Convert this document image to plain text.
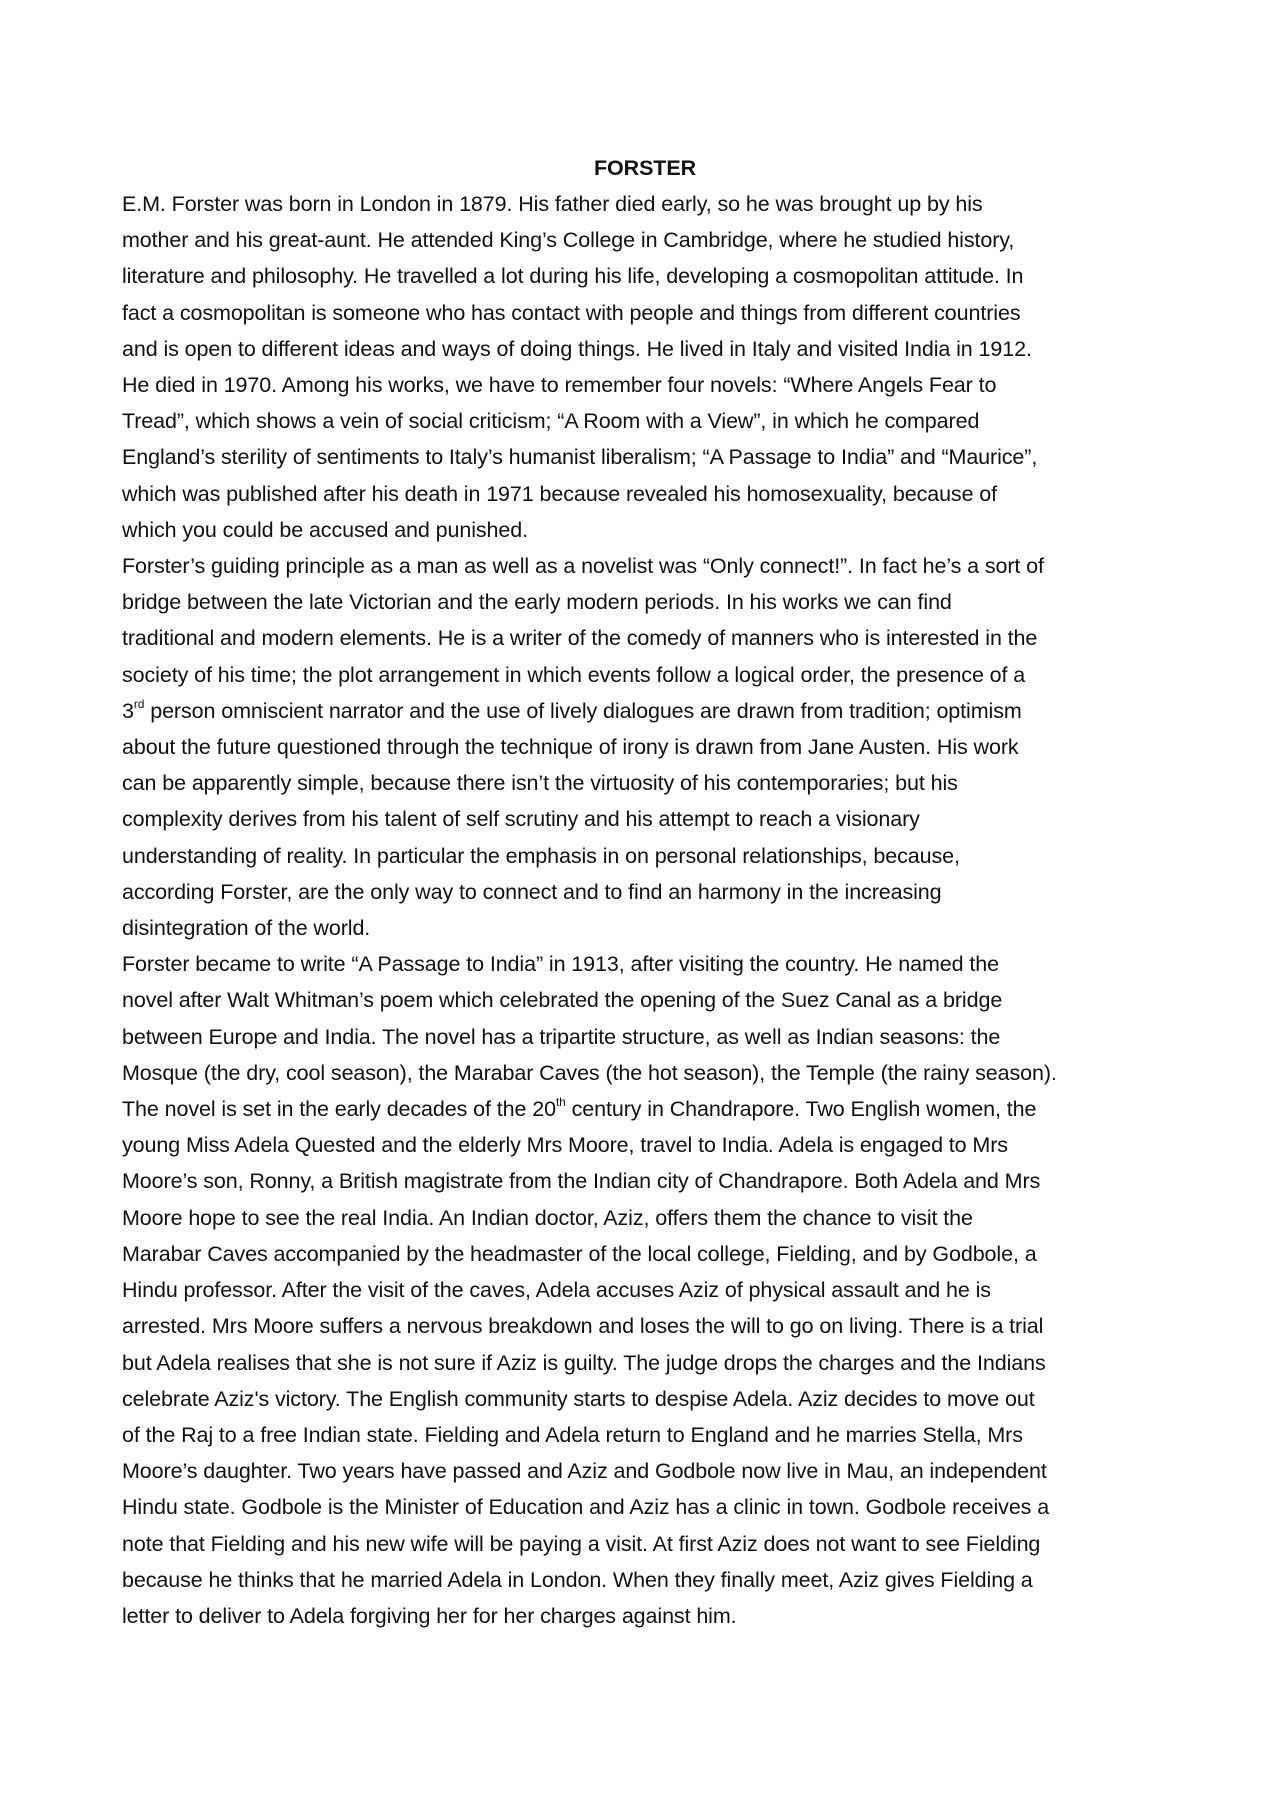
FORSTER

E.M. Forster was born in London in 1879. His father died early, so he was brought up by his
mother and his great-aunt. He attended King’s College in Cambridge, where he studied history,
literature and philosophy. He travelled a lot during his life, developing a cosmopolitan attitude. In
fact a cosmopolitan is someone who has contact with people and things from different countries
and is open to different ideas and ways of doing things. He lived in Italy and visited India in 1912.
He died in 1970. Among his works, we have to remember four novels: “Where Angels Fear to
Tread”, which shows a vein of social criticism; “A Room with a View”, in which he compared
England’s sterility of sentiments to Italy’s humanist liberalism; “A Passage to India” and “Maurice”,
which was published after his death in 1971 because revealed his homosexuality, because of
which you could be accused and punished.

Forster’s guiding principle as a man as well as a novelist was “Only connect!”. In fact he’s a sort of
bridge between the late Victorian and the early modern periods. In his works we can find
traditional and modern elements. He is a writer of the comedy of manners who is interested in the
society of his time; the plot arrangement in which events follow a logical order, the presence of a
3rd person omniscient narrator and the use of lively dialogues are drawn from tradition; optimism
about the future questioned through the technique of irony is drawn from Jane Austen. His work
can be apparently simple, because there isn’t the virtuosity of his contemporaries; but his
complexity derives from his talent of self scrutiny and his attempt to reach a visionary
understanding of reality. In particular the emphasis in on personal relationships, because,
according Forster, are the only way to connect and to find an harmony in the increasing
disintegration of the world.

Forster became to write “A Passage to India” in 1913, after visiting the country. He named the
novel after Walt Whitman’s poem which celebrated the opening of the Suez Canal as a bridge
between Europe and India. The novel has a tripartite structure, as well as Indian seasons: the
Mosque (the dry, cool season), the Marabar Caves (the hot season), the Temple (the rainy season).
The novel is set in the early decades of the 20th century in Chandrapore. Two English women, the
young Miss Adela Quested and the elderly Mrs Moore, travel to India. Adela is engaged to Mrs
Moore’s son, Ronny, a British magistrate from the Indian city of Chandrapore. Both Adela and Mrs
Moore hope to see the real India. An Indian doctor, Aziz, offers them the chance to visit the
Marabar Caves accompanied by the headmaster of the local college, Fielding, and by Godbole, a
Hindu professor. After the visit of the caves, Adela accuses Aziz of physical assault and he is
arrested. Mrs Moore suffers a nervous breakdown and loses the will to go on living. There is a trial
but Adela realises that she is not sure if Aziz is guilty. The judge drops the charges and the Indians
celebrate Aziz's victory. The English community starts to despise Adela. Aziz decides to move out
of the Raj to a free Indian state. Fielding and Adela return to England and he marries Stella, Mrs
Moore’s daughter. Two years have passed and Aziz and Godbole now live in Mau, an independent
Hindu state. Godbole is the Minister of Education and Aziz has a clinic in town. Godbole receives a
note that Fielding and his new wife will be paying a visit. At first Aziz does not want to see Fielding
because he thinks that he married Adela in London. When they finally meet, Aziz gives Fielding a
letter to deliver to Adela forgiving her for her charges against him.
